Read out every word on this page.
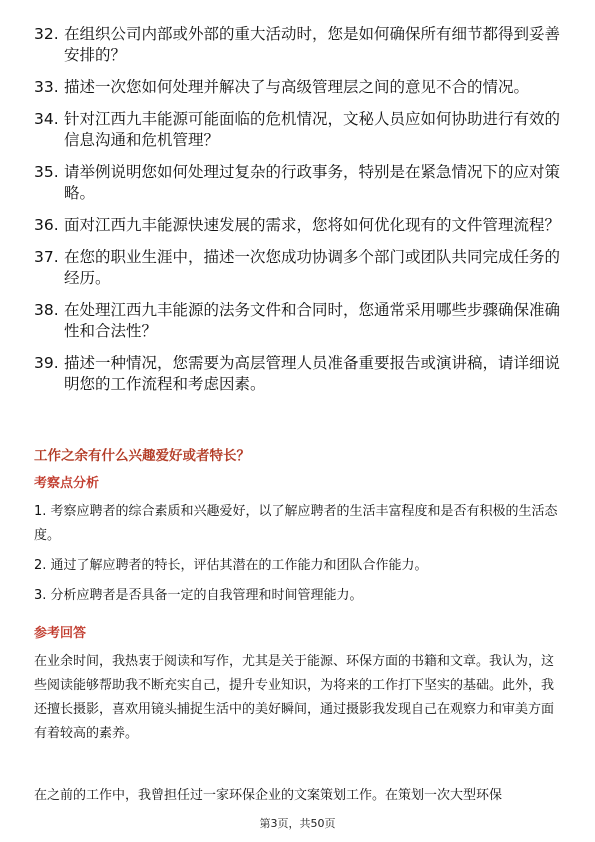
32. 在组织公司内部或外部的重大活动时，您是如何确保所有细节都得到妥善安排的？
33. 描述一次您如何处理并解决了与高级管理层之间的意见不合的情况。
34. 针对江西九丰能源可能面临的危机情况，文秘人员应如何协助进行有效的信息沟通和危机管理？
35. 请举例说明您如何处理过复杂的行政事务，特别是在紧急情况下的应对策略。
36. 面对江西九丰能源快速发展的需求，您将如何优化现有的文件管理流程？
37. 在您的职业生涯中，描述一次您成功协调多个部门或团队共同完成任务的经历。
38. 在处理江西九丰能源的法务文件和合同时，您通常采用哪些步骤确保准确性和合法性？
39. 描述一种情况，您需要为高层管理人员准备重要报告或演讲稿，请详细说明您的工作流程和考虑因素。
工作之余有什么兴趣爱好或者特长？
考察点分析
1. 考察应聘者的综合素质和兴趣爱好，以了解应聘者的生活丰富程度和是否有积极的生活态度。
2. 通过了解应聘者的特长，评估其潜在的工作能力和团队合作能力。
3. 分析应聘者是否具备一定的自我管理和时间管理能力。
参考回答

在业余时间，我热衷于阅读和写作，尤其是关于能源、环保方面的书籍和文章。我认为，这些阅读能够帮助我不断充实自己，提升专业知识，为将来的工作打下坚实的基础。此外，我还擅长摄影，喜欢用镜头捕捉生活中的美好瞬间，通过摄影我发现自己在观察力和审美方面有着较高的素养。

在之前的工作中，我曾担任过一家环保企业的文案策划工作。在策划一次大型环保

第3页，共50页
